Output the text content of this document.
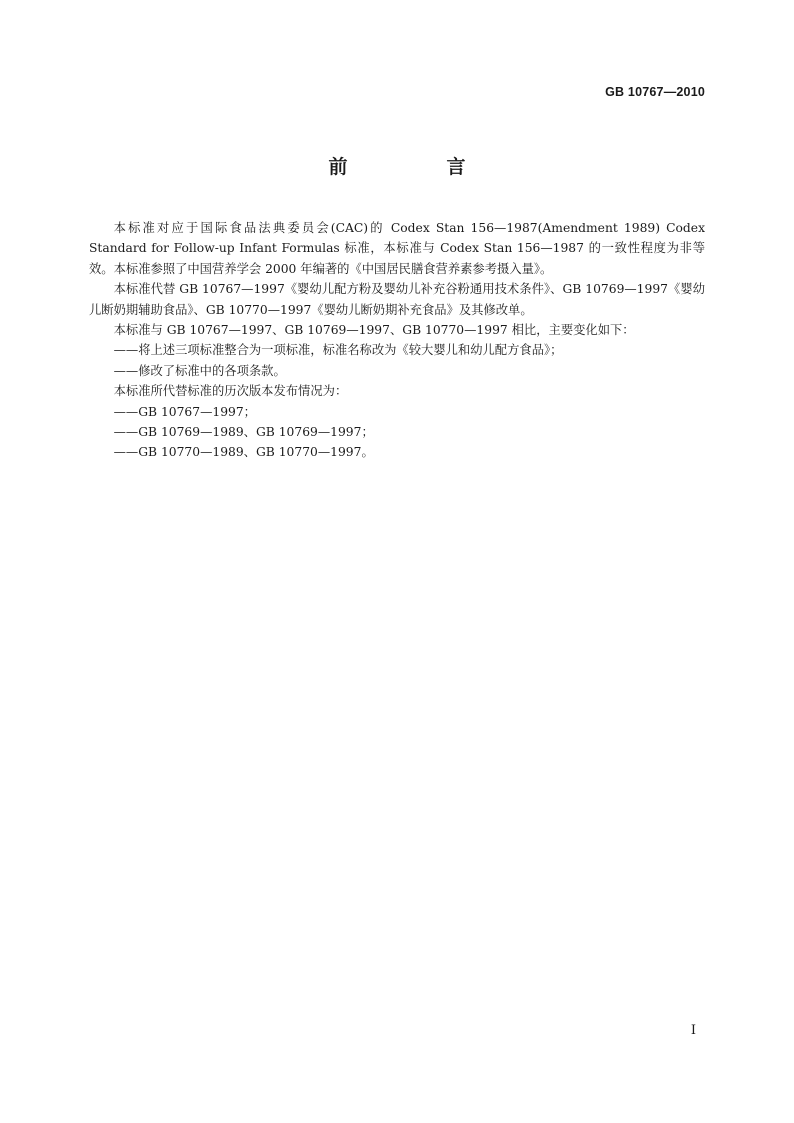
GB 10767—2010
前　言

本标准对应于国际食品法典委员会(CAC)的 Codex Stan 156—1987(Amendment 1989) Codex Standard for Follow-up Infant Formulas 标准，本标准与 Codex Stan 156—1987 的一致性程度为非等效。本标准参照了中国营养学会 2000 年编著的《中国居民膳食营养素参考摄入量》。

本标准代替 GB 10767—1997《婴幼儿配方粉及婴幼儿补充谷粉通用技术条件》、GB 10769—1997《婴幼儿断奶期辅助食品》、GB 10770—1997《婴幼儿断奶期补充食品》及其修改单。

本标准与 GB 10767—1997、GB 10769—1997、GB 10770—1997 相比，主要变化如下：

——将上述三项标准整合为一项标准，标准名称改为《较大婴儿和幼儿配方食品》；

——修改了标准中的各项条款。

本标准所代替标准的历次版本发布情况为：

——GB 10767—1997；

——GB 10769—1989、GB 10769—1997；

——GB 10770—1989、GB 10770—1997。

I
